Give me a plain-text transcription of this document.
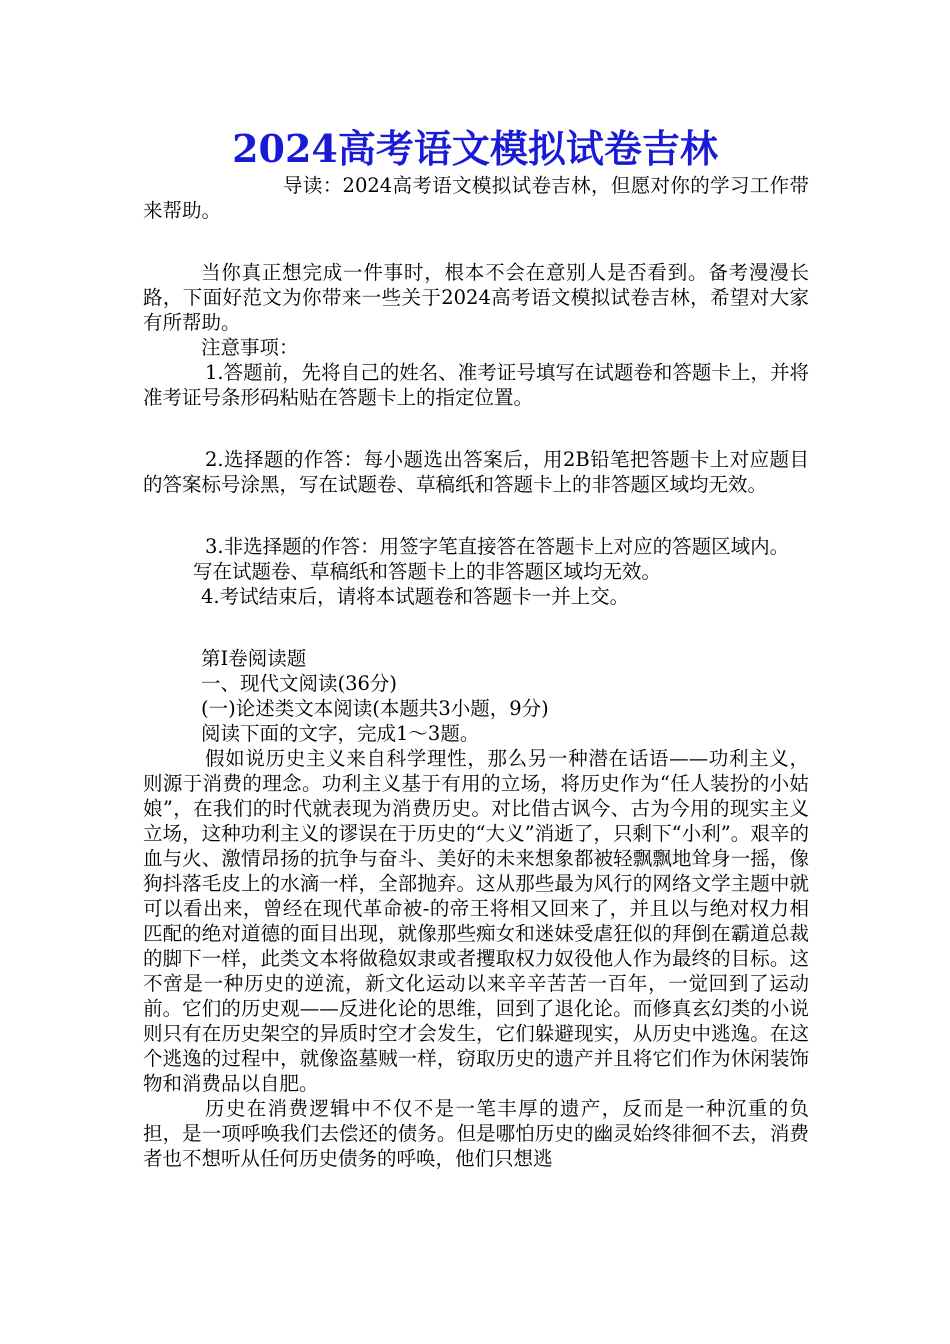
2024高考语文模拟试卷吉林

导读：2024高考语文模拟试卷吉林，但愿对你的学习工作带来帮助。

当你真正想完成一件事时，根本不会在意别人是否看到。备考漫漫长路，下面好范文为你带来一些关于2024高考语文模拟试卷吉林，希望对大家有所帮助。

注意事项：

1.答题前，先将自己的姓名、准考证号填写在试题卷和答题卡上，并将准考证号条形码粘贴在答题卡上的指定位置。

2.选择题的作答：每小题选出答案后，用2B铅笔把答题卡上对应题目的答案标号涂黑，写在试题卷、草稿纸和答题卡上的非答题区域均无效。

3.非选择题的作答：用签字笔直接答在答题卡上对应的答题区域内。

写在试题卷、草稿纸和答题卡上的非答题区域均无效。

4.考试结束后，请将本试题卷和答题卡一并上交。

第Ⅰ卷阅读题

一、现代文阅读(36分)

(一)论述类文本阅读(本题共3小题，9分)

阅读下面的文字，完成1～3题。

假如说历史主义来自科学理性，那么另一种潜在话语——功利主义，则源于消费的理念。功利主义基于有用的立场，将历史作为“任人装扮的小姑娘”，在我们的时代就表现为消费历史。对比借古讽今、古为今用的现实主义立场，这种功利主义的谬误在于历史的“大义”消逝了，只剩下“小利”。艰辛的血与火、激情昂扬的抗争与奋斗、美好的未来想象都被轻飘飘地耸身一摇，像狗抖落毛皮上的水滴一样，全部抛弃。这从那些最为风行的网络文学主题中就可以看出来，曾经在现代革命被-的帝王将相又回来了，并且以与绝对权力相匹配的绝对道德的面目出现，就像那些痴女和迷妹受虐狂似的拜倒在霸道总裁的脚下一样，此类文本将做稳奴隶或者攫取权力奴役他人作为最终的目标。这不啻是一种历史的逆流，新文化运动以来辛辛苦苦一百年，一觉回到了运动前。它们的历史观——反进化论的思维，回到了退化论。而修真玄幻类的小说则只有在历史架空的异质时空才会发生，它们躲避现实，从历史中逃逸。在这个逃逸的过程中，就像盗墓贼一样，窃取历史的遗产并且将它们作为休闲装饰物和消费品以自肥。

历史在消费逻辑中不仅不是一笔丰厚的遗产，反而是一种沉重的负担，是一项呼唤我们去偿还的债务。但是哪怕历史的幽灵始终徘徊不去，消费者也不想听从任何历史债务的呼唤，他们只想逃
